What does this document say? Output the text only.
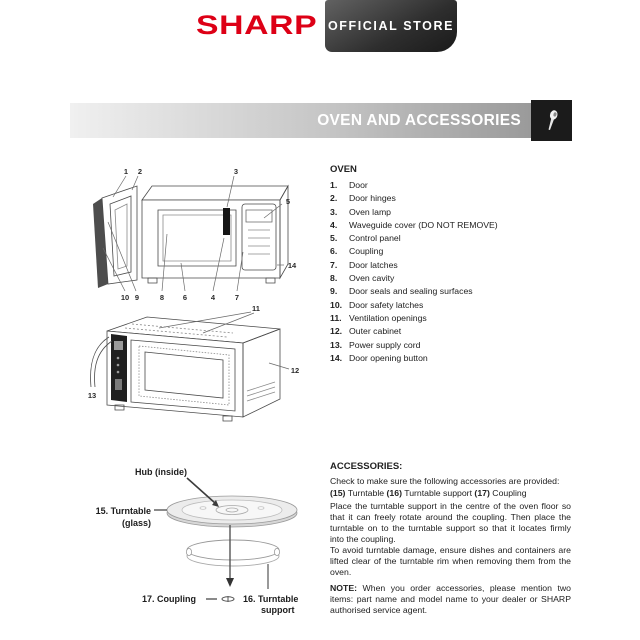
SHARP OFFICIAL STORE
OVEN AND ACCESSORIES
1 2	3
5
14
10 9	8	6	4	7
11
12
13
Hub (inside)
15. Turntable
(glass)
17. Coupling	16. Turntable
support
OVEN
1.	Door
2.	Door hinges
3.	Oven lamp
4.	Waveguide cover (DO NOT REMOVE)
5.	Control panel
6.	Coupling
7.	Door latches
8.	Oven cavity
9.	Door seals and sealing surfaces
10. Door safety latches
11. Ventilation openings
12. Outer cabinet
13. Power supply cord
14. Door opening button
ACCESSORIES:

Check to make sure the following accessories are provided:

(15) Turntable (16) Turntable support (17) Coupling

Place the turntable support in the centre of the oven floor so that it can freely rotate around the coupling. Then place the turntable on to the turntable support so that it locates firmly into the coupling.

To avoid turntable damage, ensure dishes and containers are lifted clear of the turntable rim when removing them from the oven.

NOTE: When you order accessories, please mention two items: part name and model name to your dealer or SHARP authorised service agent.
